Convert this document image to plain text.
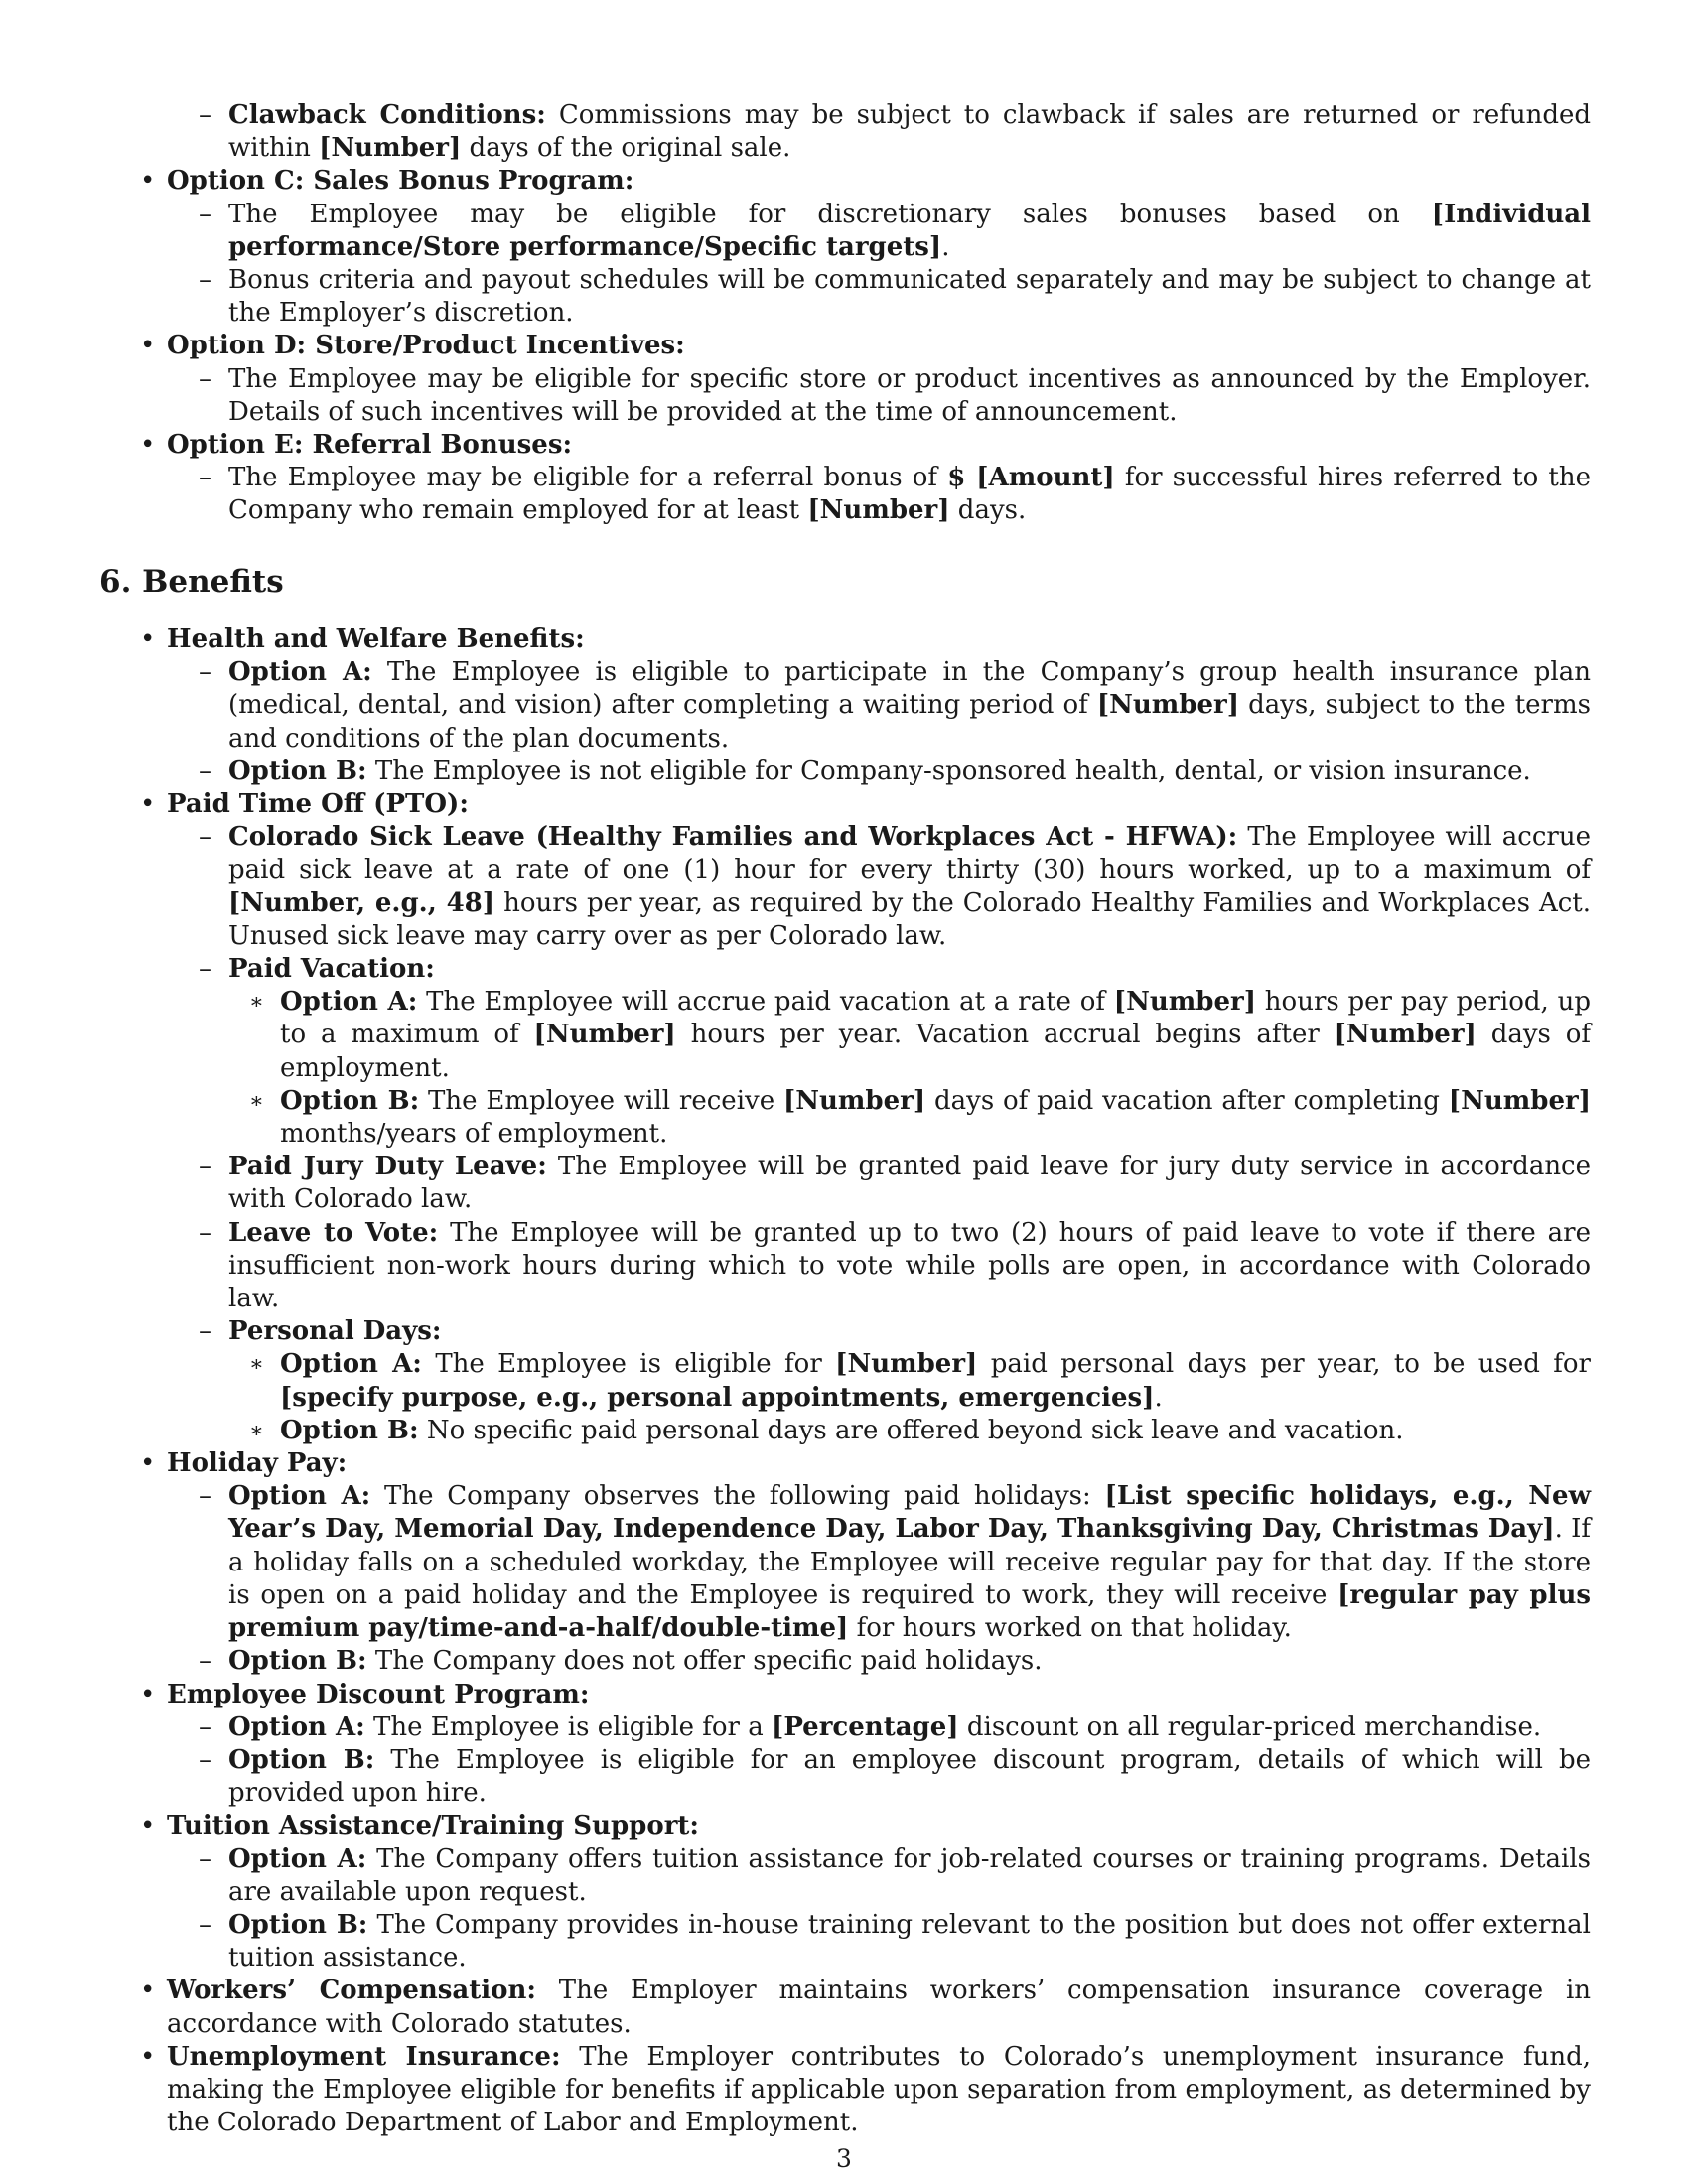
– Clawback Conditions: Commissions may be subject to clawback if sales are returned or refunded within [Number] days of the original sale.

• Option C: Sales Bonus Program:

– The Employee may be eligible for discretionary sales bonuses based on [Individual performance/Store performance/Specific targets].

– Bonus criteria and payout schedules will be communicated separately and may be subject to change at the Employer’s discretion.

• Option D: Store/Product Incentives:

– The Employee may be eligible for specific store or product incentives as announced by the Employer. Details of such incentives will be provided at the time of announcement.

• Option E: Referral Bonuses:

– The Employee may be eligible for a referral bonus of $ [Amount] for successful hires referred to the Company who remain employed for at least [Number] days.

6. Benefits

• Health and Welfare Benefits:

– Option A: The Employee is eligible to participate in the Company’s group health insurance plan (medical, dental, and vision) after completing a waiting period of [Number] days, subject to the terms and conditions of the plan documents.

– Option B: The Employee is not eligible for Company-sponsored health, dental, or vision insurance.

• Paid Time Off (PTO):

– Colorado Sick Leave (Healthy Families and Workplaces Act - HFWA): The Employee will accrue paid sick leave at a rate of one (1) hour for every thirty (30) hours worked, up to a maximum of [Number, e.g., 48] hours per year, as required by the Colorado Healthy Families and Workplaces Act. Unused sick leave may carry over as per Colorado law.

– Paid Vacation:

∗ Option A: The Employee will accrue paid vacation at a rate of [Number] hours per pay period, up to a maximum of [Number] hours per year. Vacation accrual begins after [Number] days of employment.

∗ Option B: The Employee will receive [Number] days of paid vacation after completing [Number] months/years of employment.

– Paid Jury Duty Leave: The Employee will be granted paid leave for jury duty service in accordance with Colorado law.

– Leave to Vote: The Employee will be granted up to two (2) hours of paid leave to vote if there are insufficient non-work hours during which to vote while polls are open, in accordance with Colorado law.

– Personal Days:

∗ Option A: The Employee is eligible for [Number] paid personal days per year, to be used for [specify purpose, e.g., personal appointments, emergencies].

∗ Option B: No specific paid personal days are offered beyond sick leave and vacation.

• Holiday Pay:

– Option A: The Company observes the following paid holidays: [List specific holidays, e.g., New Year’s Day, Memorial Day, Independence Day, Labor Day, Thanksgiving Day, Christmas Day]. If a holiday falls on a scheduled workday, the Employee will receive regular pay for that day. If the store is open on a paid holiday and the Employee is required to work, they will receive [regular pay plus premium pay/time-and-a-half/double-time] for hours worked on that holiday.

– Option B: The Company does not offer specific paid holidays.

• Employee Discount Program:

– Option A: The Employee is eligible for a [Percentage] discount on all regular-priced merchandise.

– Option B: The Employee is eligible for an employee discount program, details of which will be provided upon hire.

• Tuition Assistance/Training Support:

– Option A: The Company offers tuition assistance for job-related courses or training programs. Details are available upon request.

– Option B: The Company provides in-house training relevant to the position but does not offer external tuition assistance.

• Workers’ Compensation: The Employer maintains workers’ compensation insurance coverage in accordance with Colorado statutes.

• Unemployment Insurance: The Employer contributes to Colorado’s unemployment insurance fund, making the Employee eligible for benefits if applicable upon separation from employment, as determined by the Colorado Department of Labor and Employment.

3
